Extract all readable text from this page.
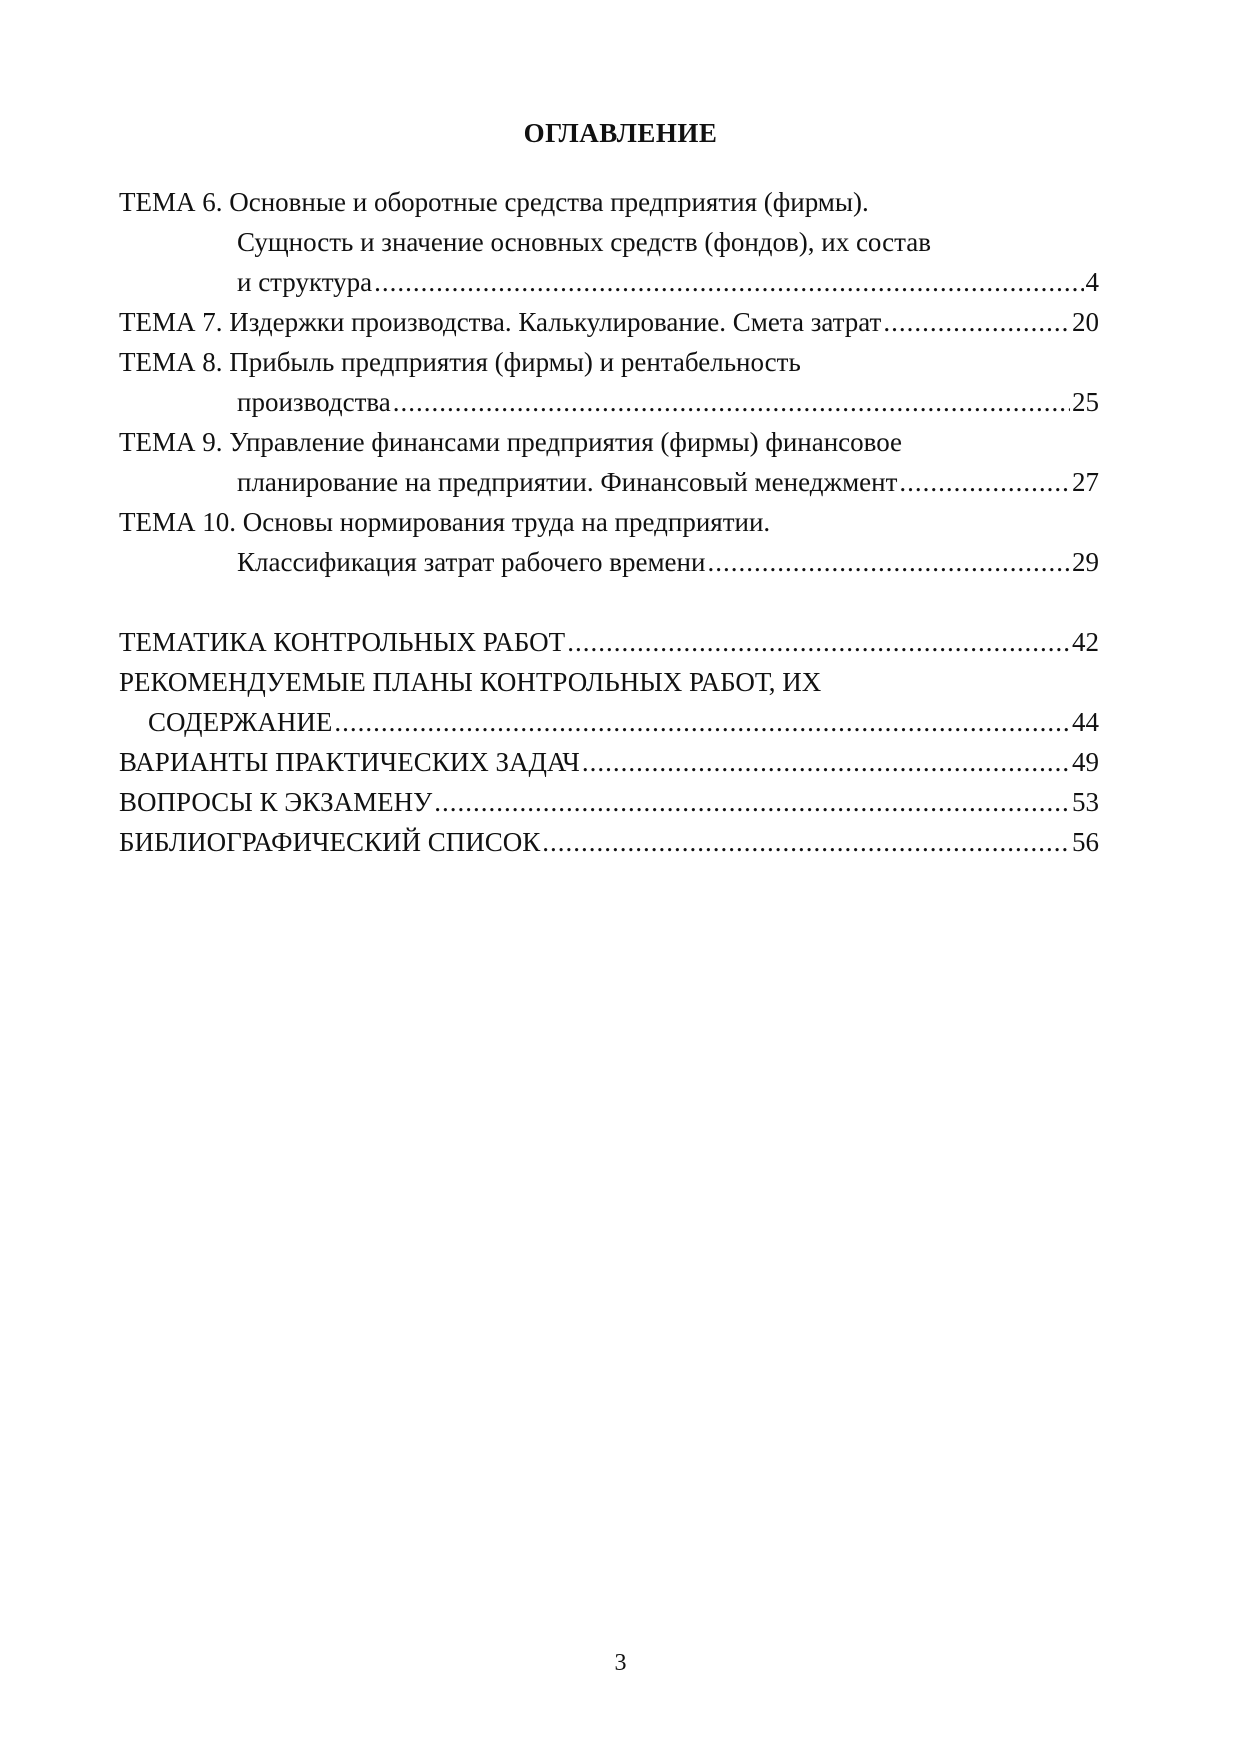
ОГЛАВЛЕНИЕ
ТЕМА 6. Основные и оборотные средства предприятия (фирмы).
Сущность и значение основных средств (фондов), их состав
и структура .....	4
ТЕМА 7. Издержки производства. Калькулирование. Смета затрат .....	20
ТЕМА 8. Прибыль предприятия (фирмы) и рентабельность
производства .....	25
ТЕМА 9. Управление финансами предприятия (фирмы) финансовое
планирование на предприятии. Финансовый менеджмент .....	27
ТЕМА 10. Основы нормирования труда на предприятии.
Классификация затрат рабочего времени .....	29
ТЕМАТИКА КОНТРОЛЬНЫХ РАБОТ .....	42
РЕКОМЕНДУЕМЫЕ ПЛАНЫ КОНТРОЛЬНЫХ РАБОТ, ИХ
СОДЕРЖАНИЕ .....	44
ВАРИАНТЫ ПРАКТИЧЕСКИХ ЗАДАЧ .....	49
ВОПРОСЫ К ЭКЗАМЕНУ .....	53
БИБЛИОГРАФИЧЕСКИЙ СПИСОК .....	56
3
